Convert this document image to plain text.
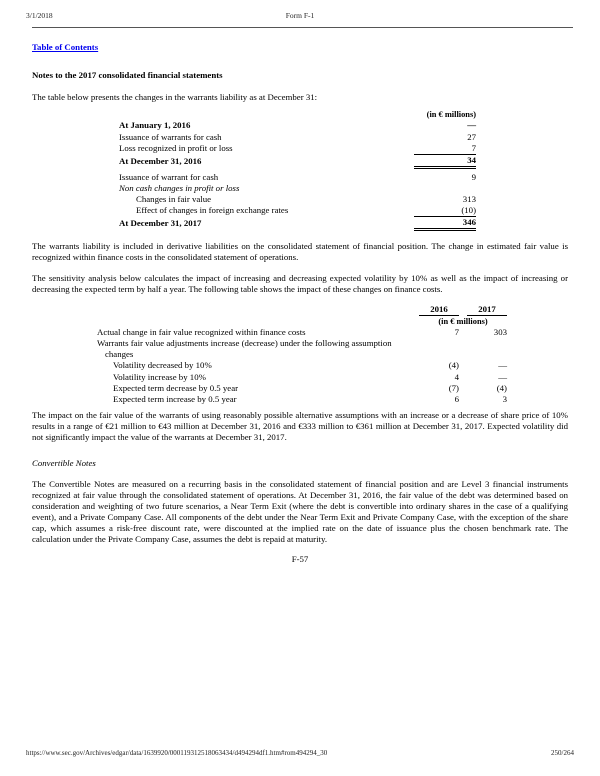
3/1/2018	Form F-1
Table of Contents
Notes to the 2017 consolidated financial statements
The table below presents the changes in the warrants liability as at December 31:
	(in € millions)
At January 1, 2016	—
Issuance of warrants for cash	27
Loss recognized in profit or loss	7
At December 31, 2016	34
Issuance of warrant for cash	9
Non cash changes in profit or loss	
Changes in fair value	313
Effect of changes in foreign exchange rates	(10)
At December 31, 2017	346
The warrants liability is included in derivative liabilities on the consolidated statement of financial position. The change in estimated fair value is recognized within finance costs in the consolidated statement of operations.
The sensitivity analysis below calculates the impact of increasing and decreasing expected volatility by 10% as well as the impact of increasing or decreasing the expected term by half a year. The following table shows the impact of these changes on finance costs.
	2016		2017
	(in € millions)		
Actual change in fair value recognized within finance costs	7		303
Warrants fair value adjustments increase (decrease) under the following assumption changes			
Volatility decreased by 10%	(4)		—
Volatility increase by 10%	4		—
Expected term decrease by 0.5 year	(7)		(4)
Expected term increase by 0.5 year	6		3
The impact on the fair value of the warrants of using reasonably possible alternative assumptions with an increase or a decrease of share price of 10% results in a range of €21 million to €43 million at December 31, 2016 and €333 million to €361 million at December 31, 2017. Expected volatility did not significantly impact the value of the warrants at December 31, 2017.
Convertible Notes
The Convertible Notes are measured on a recurring basis in the consolidated statement of financial position and are Level 3 financial instruments recognized at fair value through the consolidated statement of operations. At December 31, 2016, the fair value of the debt was determined based on consideration and weighting of two future scenarios, a Near Term Exit (where the debt is convertible into ordinary shares in the case of a qualifying event), and a Private Company Case. All components of the debt under the Near Term Exit and Private Company Case, with the exception of the share cap, which assumes a risk-free discount rate, were discounted at the implied rate on the date of issuance plus the chosen benchmark rate. The calculation under the Private Company Case, assumes the debt is repaid at maturity.
F-57
https://www.sec.gov/Archives/edgar/data/1639920/000119312518063434/d494294df1.htm#rom494294_30	250/264
